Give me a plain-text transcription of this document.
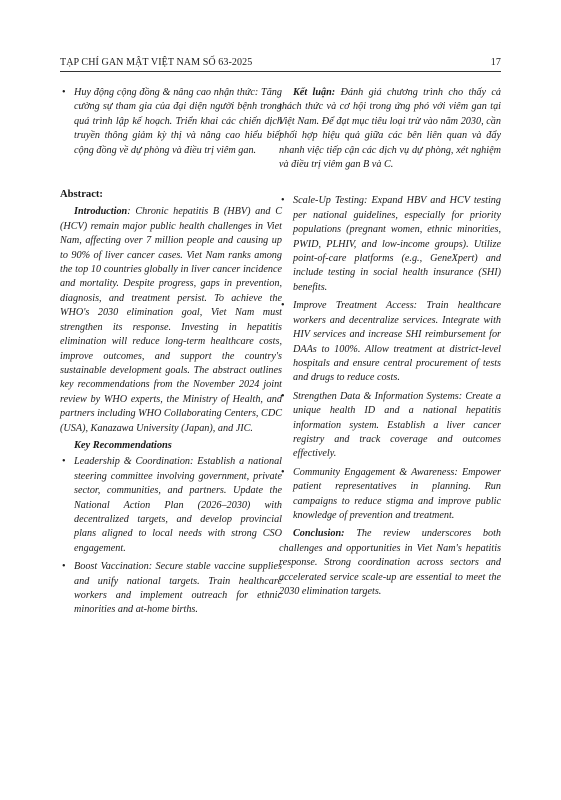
TẠP CHÍ GAN MẬT VIỆT NAM SỐ 63-2025	17
• Huy động cộng đồng & nâng cao nhận thức: Tăng cường sự tham gia của đại diện người bệnh trong quá trình lập kế hoạch. Triển khai các chiến dịch truyền thông giảm kỳ thị và nâng cao hiểu biết cộng đồng về dự phòng và điều trị viêm gan.

Abstract:

Introduction: Chronic hepatitis B (HBV) and C (HCV) remain major public health challenges in Viet Nam, affecting over 7 million people and causing up to 90% of liver cancer cases. Viet Nam ranks among the top 10 countries globally in liver cancer incidence and mortality. Despite progress, gaps in prevention, diagnosis, and treatment persist. To achieve the WHO's 2030 elimination goal, Viet Nam must strengthen its response. Investing in hepatitis elimination will reduce long-term healthcare costs, improve outcomes, and support the country's sustainable development goals. The abstract outlines key recommendations from the November 2024 joint review by WHO experts, the Ministry of Health, and partners including WHO Collaborating Centers, CDC (USA), Kanazawa University (Japan), and JIC.

Key Recommendations

• Leadership & Coordination: Establish a national steering committee involving government, private sector, communities, and partners. Update the National Action Plan (2026–2030) with decentralized targets, and develop provincial plans aligned to local needs with strong CSO engagement.
• Boost Vaccination: Secure stable vaccine supplies and unify national targets. Train healthcare workers and implement outreach for ethnic minorities and at-home births.

Kết luận: Đánh giá chương trình cho thấy cả thách thức và cơ hội trong ứng phó với viêm gan tại Việt Nam. Để đạt mục tiêu loại trừ vào năm 2030, cần phối hợp hiệu quả giữa các bên liên quan và đẩy nhanh việc tiếp cận các dịch vụ dự phòng, xét nghiệm và điều trị viêm gan B và C.

• Scale-Up Testing: Expand HBV and HCV testing per national guidelines, especially for priority populations (pregnant women, ethnic minorities, PWID, PLHIV, and low-income groups). Utilize point-of-care platforms (e.g., GeneXpert) and include testing in social health insurance (SHI) benefits.
• Improve Treatment Access: Train healthcare workers and decentralize services. Integrate with HIV services and increase SHI reimbursement for DAAs to 100%. Allow treatment at district-level hospitals and ensure central procurement of tests and drugs to reduce costs.
• Strengthen Data & Information Systems: Create a unique health ID and a national hepatitis information system. Establish a liver cancer registry and track coverage and outcomes effectively.
• Community Engagement & Awareness: Empower patient representatives in planning. Run campaigns to reduce stigma and improve public knowledge of prevention and treatment.

Conclusion: The review underscores both challenges and opportunities in Viet Nam's hepatitis response. Strong coordination across sectors and accelerated service scale-up are essential to meet the 2030 elimination targets.
